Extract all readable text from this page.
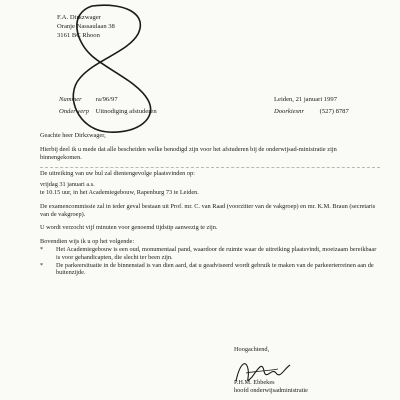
F.A. Dirkzwager
Oranje Nassaulaan 38
3161 BC Rhoon
Nummer ra/96/97
Onderwerp Uitnodiging afstuderen
Leiden, 21 januari 1997
Doorkiesnr (527) 8787

Geachte heer Dirkzwager,

Hierbij deel ik u mede dat alle bescheiden welke benodigd zijn voor het afstuderen bij de onderwijsad-ministratie zijn binnengekomen.

De uitreiking van uw bul zal dientengevolge plaatsvinden op:

vrijdag 31 januari a.s.
te 10.15 uur, in het Academiegebouw, Rapenburg 73 te Leiden.

De examencommissie zal in ieder geval bestaan uit Prof. mr. C. van Raad (voorzitter van de vakgroep) en mr. K.M. Braun (secretaris van de vakgroep).

U wordt verzocht vijf minuten voor genoemd tijdstip aanwezig te zijn.

Bovendien wijs ik u op het volgende:
*	Het Academiegebouw is een oud, monumentaal pand, waardoor de ruimte waar de uitreiking plaatsvindt, moeizaam bereikbaar is voor gehandicapten, die slecht ter been zijn.
*	De parkeersituatie in de binnenstad is van dien aard, dat u geadviseerd wordt gebruik te maken van de parkeerterreinen aan de buitenzijde.
Hoogachtend,
P.H.M. Ebbekes
hoofd onderwijsadministratie
